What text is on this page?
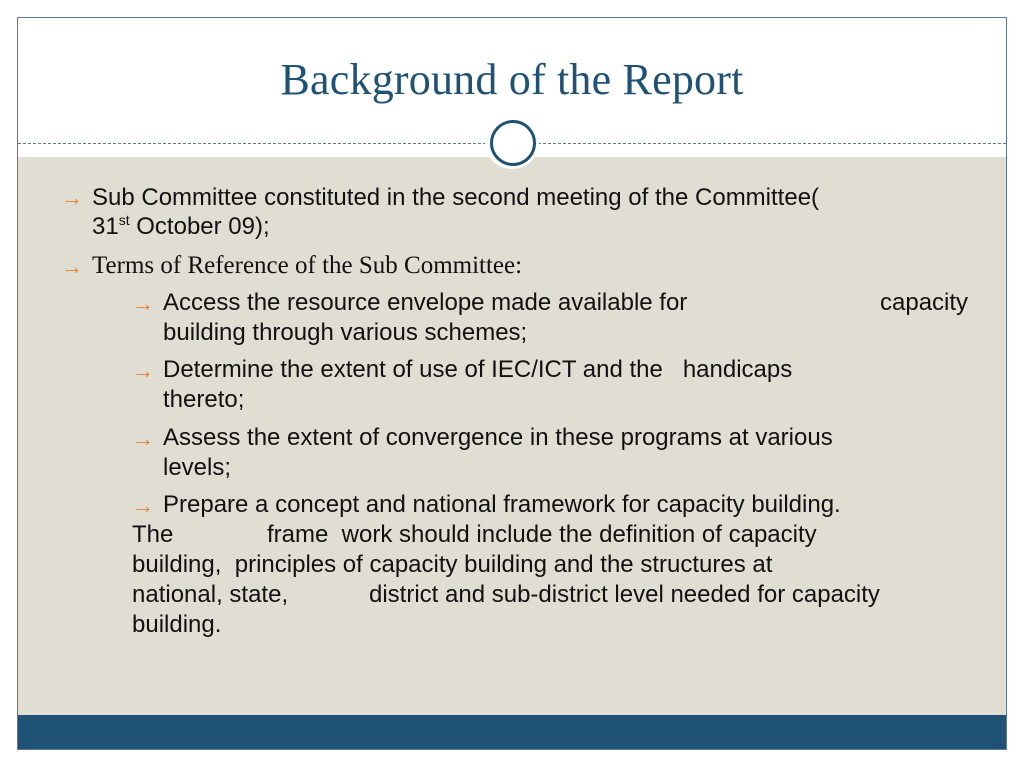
Background of the Report
→ Sub Committee constituted in the second meeting of the Committee(
31st October 09);
→ Terms of Reference of the Sub Committee:
→ Access the resource envelope made available for	capacity
building through various schemes;
→ Determine the extent of use of IEC/ICT and the   handicaps
thereto;
→ Assess the extent of convergence in these programs at various
levels;
→ Prepare a concept and national framework for capacity building.
The	frame  work should include the definition of capacity
building,  principles of capacity building and the structures at
national, state,	district and sub-district level needed for capacity
building.
